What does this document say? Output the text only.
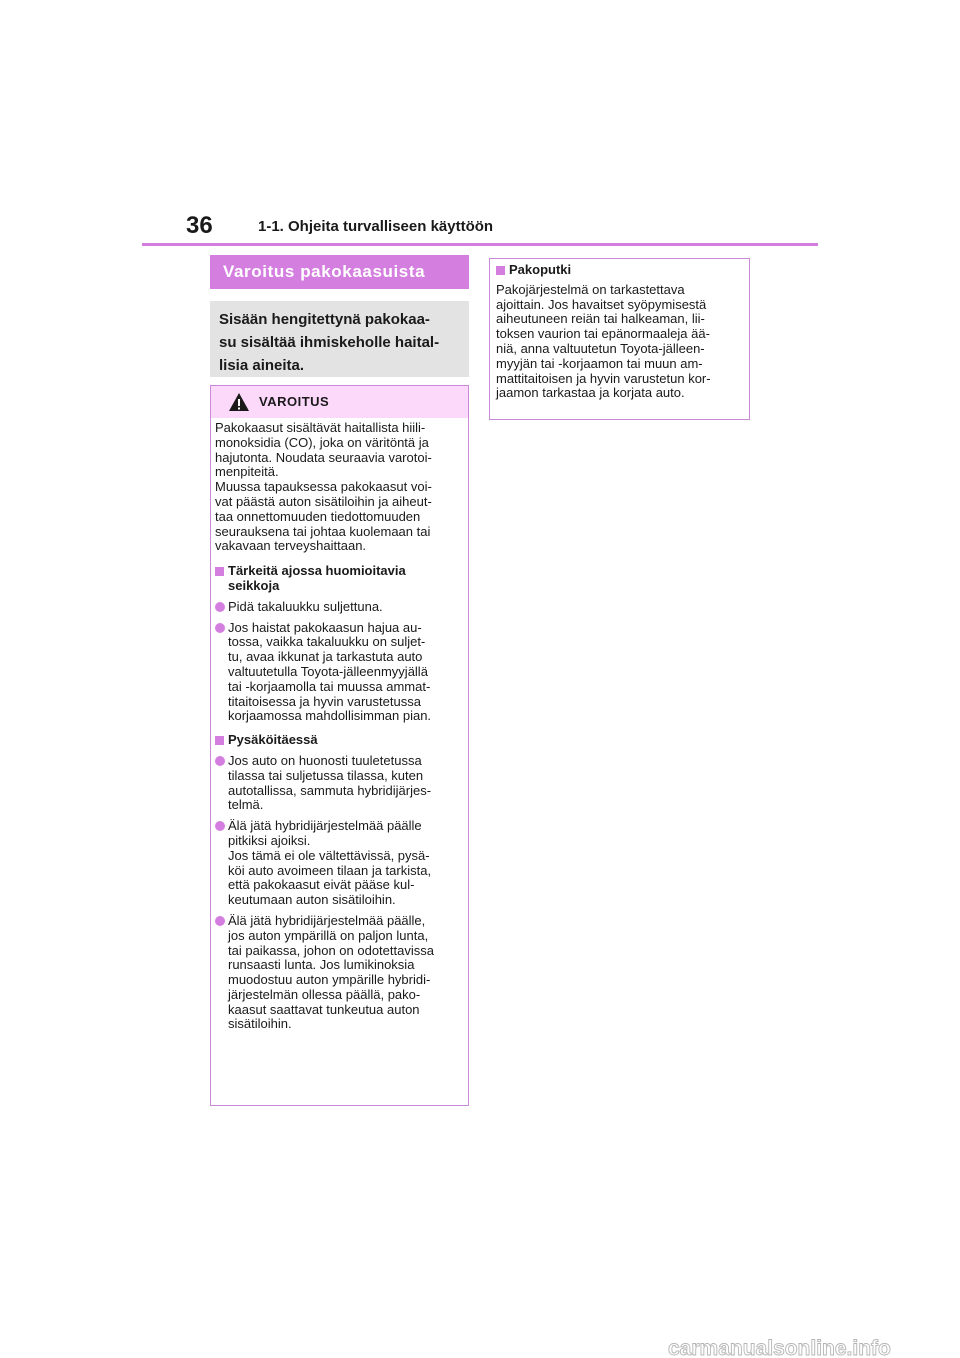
36	1-1. Ohjeita turvalliseen käyttöön
Varoitus pakokaasuista
Sisään hengitettynä pakokaa-
su sisältää ihmiskeholle haital-
lisia aineita.
VAROITUS
Pakokaasut sisältävät haitallista hiili-
monoksidia (CO), joka on väritöntä ja
hajutonta. Noudata seuraavia varotoi-
menpiteitä.
Muussa tapauksessa pakokaasut voi-
vat päästä auton sisätiloihin ja aiheut-
taa onnettomuuden tiedottomuuden
seurauksena tai johtaa kuolemaan tai
vakavaan terveyshaittaan.
Tärkeitä ajossa huomioitavia
seikkoja
Pidä takaluukku suljettuna.
Jos haistat pakokaasun hajua au-
tossa, vaikka takaluukku on suljet-
tu, avaa ikkunat ja tarkastuta auto
valtuutetulla Toyota-jälleenmyyjällä
tai -korjaamolla tai muussa ammat-
titaitoisessa ja hyvin varustetussa
korjaamossa mahdollisimman pian.
Pysäköitäessä
Jos auto on huonosti tuuletetussa
tilassa tai suljetussa tilassa, kuten
autotallissa, sammuta hybridijärjes-
telmä.
Älä jätä hybridijärjestelmää päälle
pitkiksi ajoiksi.
Jos tämä ei ole vältettävissä, pysä-
köi auto avoimeen tilaan ja tarkista,
että pakokaasut eivät pääse kul-
keutumaan auton sisätiloihin.
Älä jätä hybridijärjestelmää päälle,
jos auton ympärillä on paljon lunta,
tai paikassa, johon on odotettavissa
runsaasti lunta. Jos lumikinoksia
muodostuu auton ympärille hybridi-
järjestelmän ollessa päällä, pako-
kaasut saattavat tunkeutua auton
sisätiloihin.
Pakoputki
Pakojärjestelmä on tarkastettava
ajoittain. Jos havaitset syöpymisestä
aiheutuneen reiän tai halkeaman, lii-
toksen vaurion tai epänormaaleja ää-
niä, anna valtuutetun Toyota-jälleen-
myyjän tai -korjaamon tai muun am-
mattitaitoisen ja hyvin varustetun kor-
jaamon tarkastaa ja korjata auto.
carmanualsonline.info
